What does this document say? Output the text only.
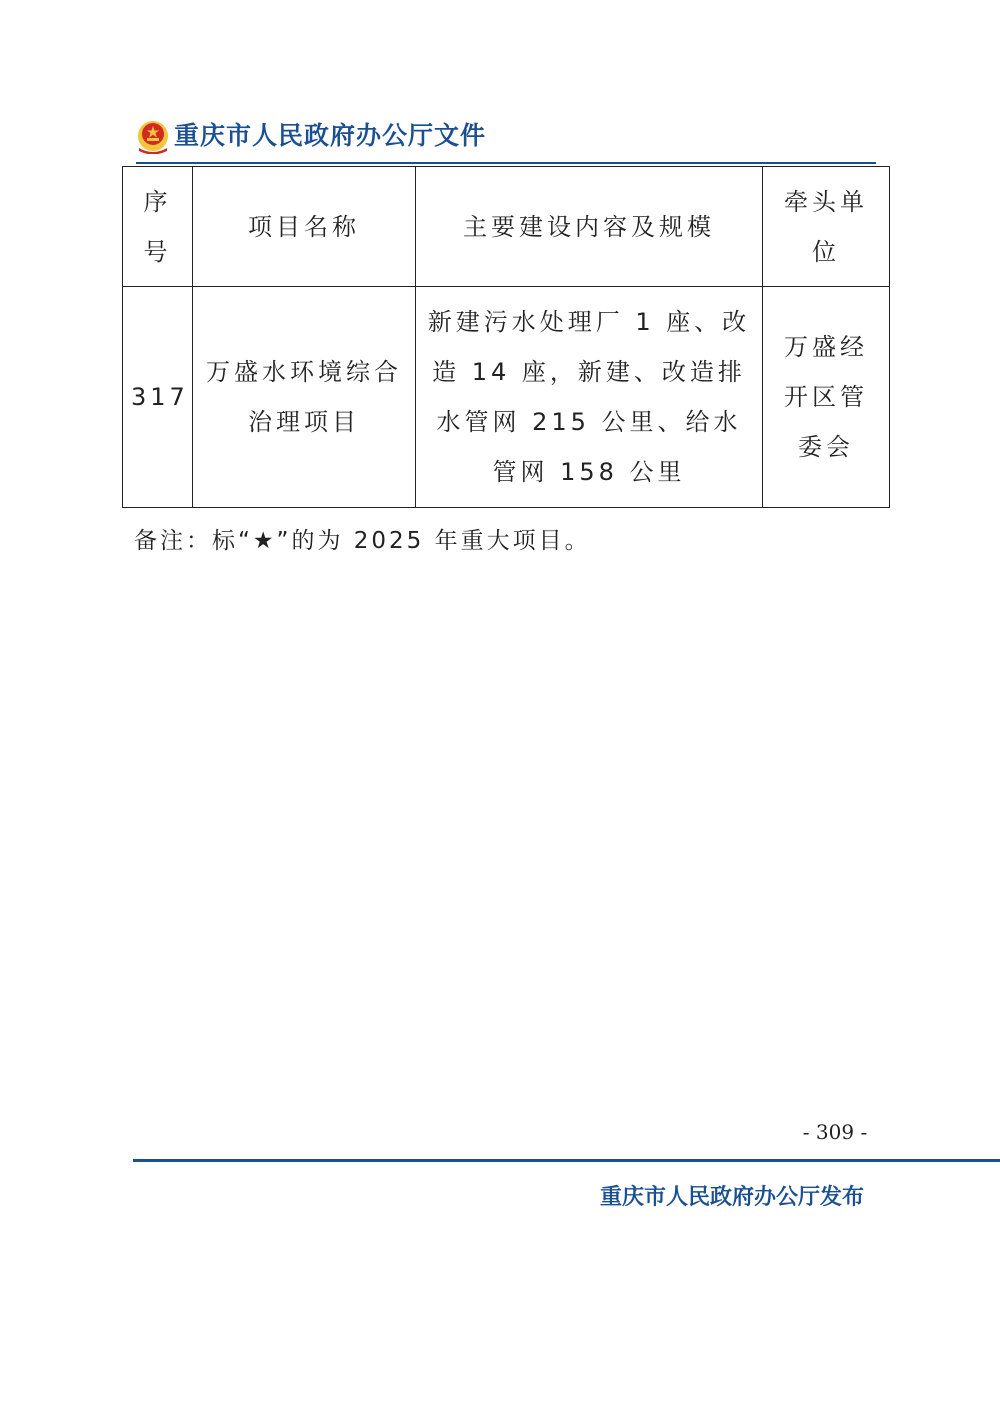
重庆市人民政府办公厅文件
序号	项目名称	主要建设内容及规模	牵头单位
317	万盛水环境综合治理项目	新建污水处理厂 1 座、改造 14 座，新建、改造排水管网 215 公里、给水管网 158 公里	万盛经开区管委会
备注：标“★”的为 2025 年重大项目。
- 309 -
重庆市人民政府办公厅发布
